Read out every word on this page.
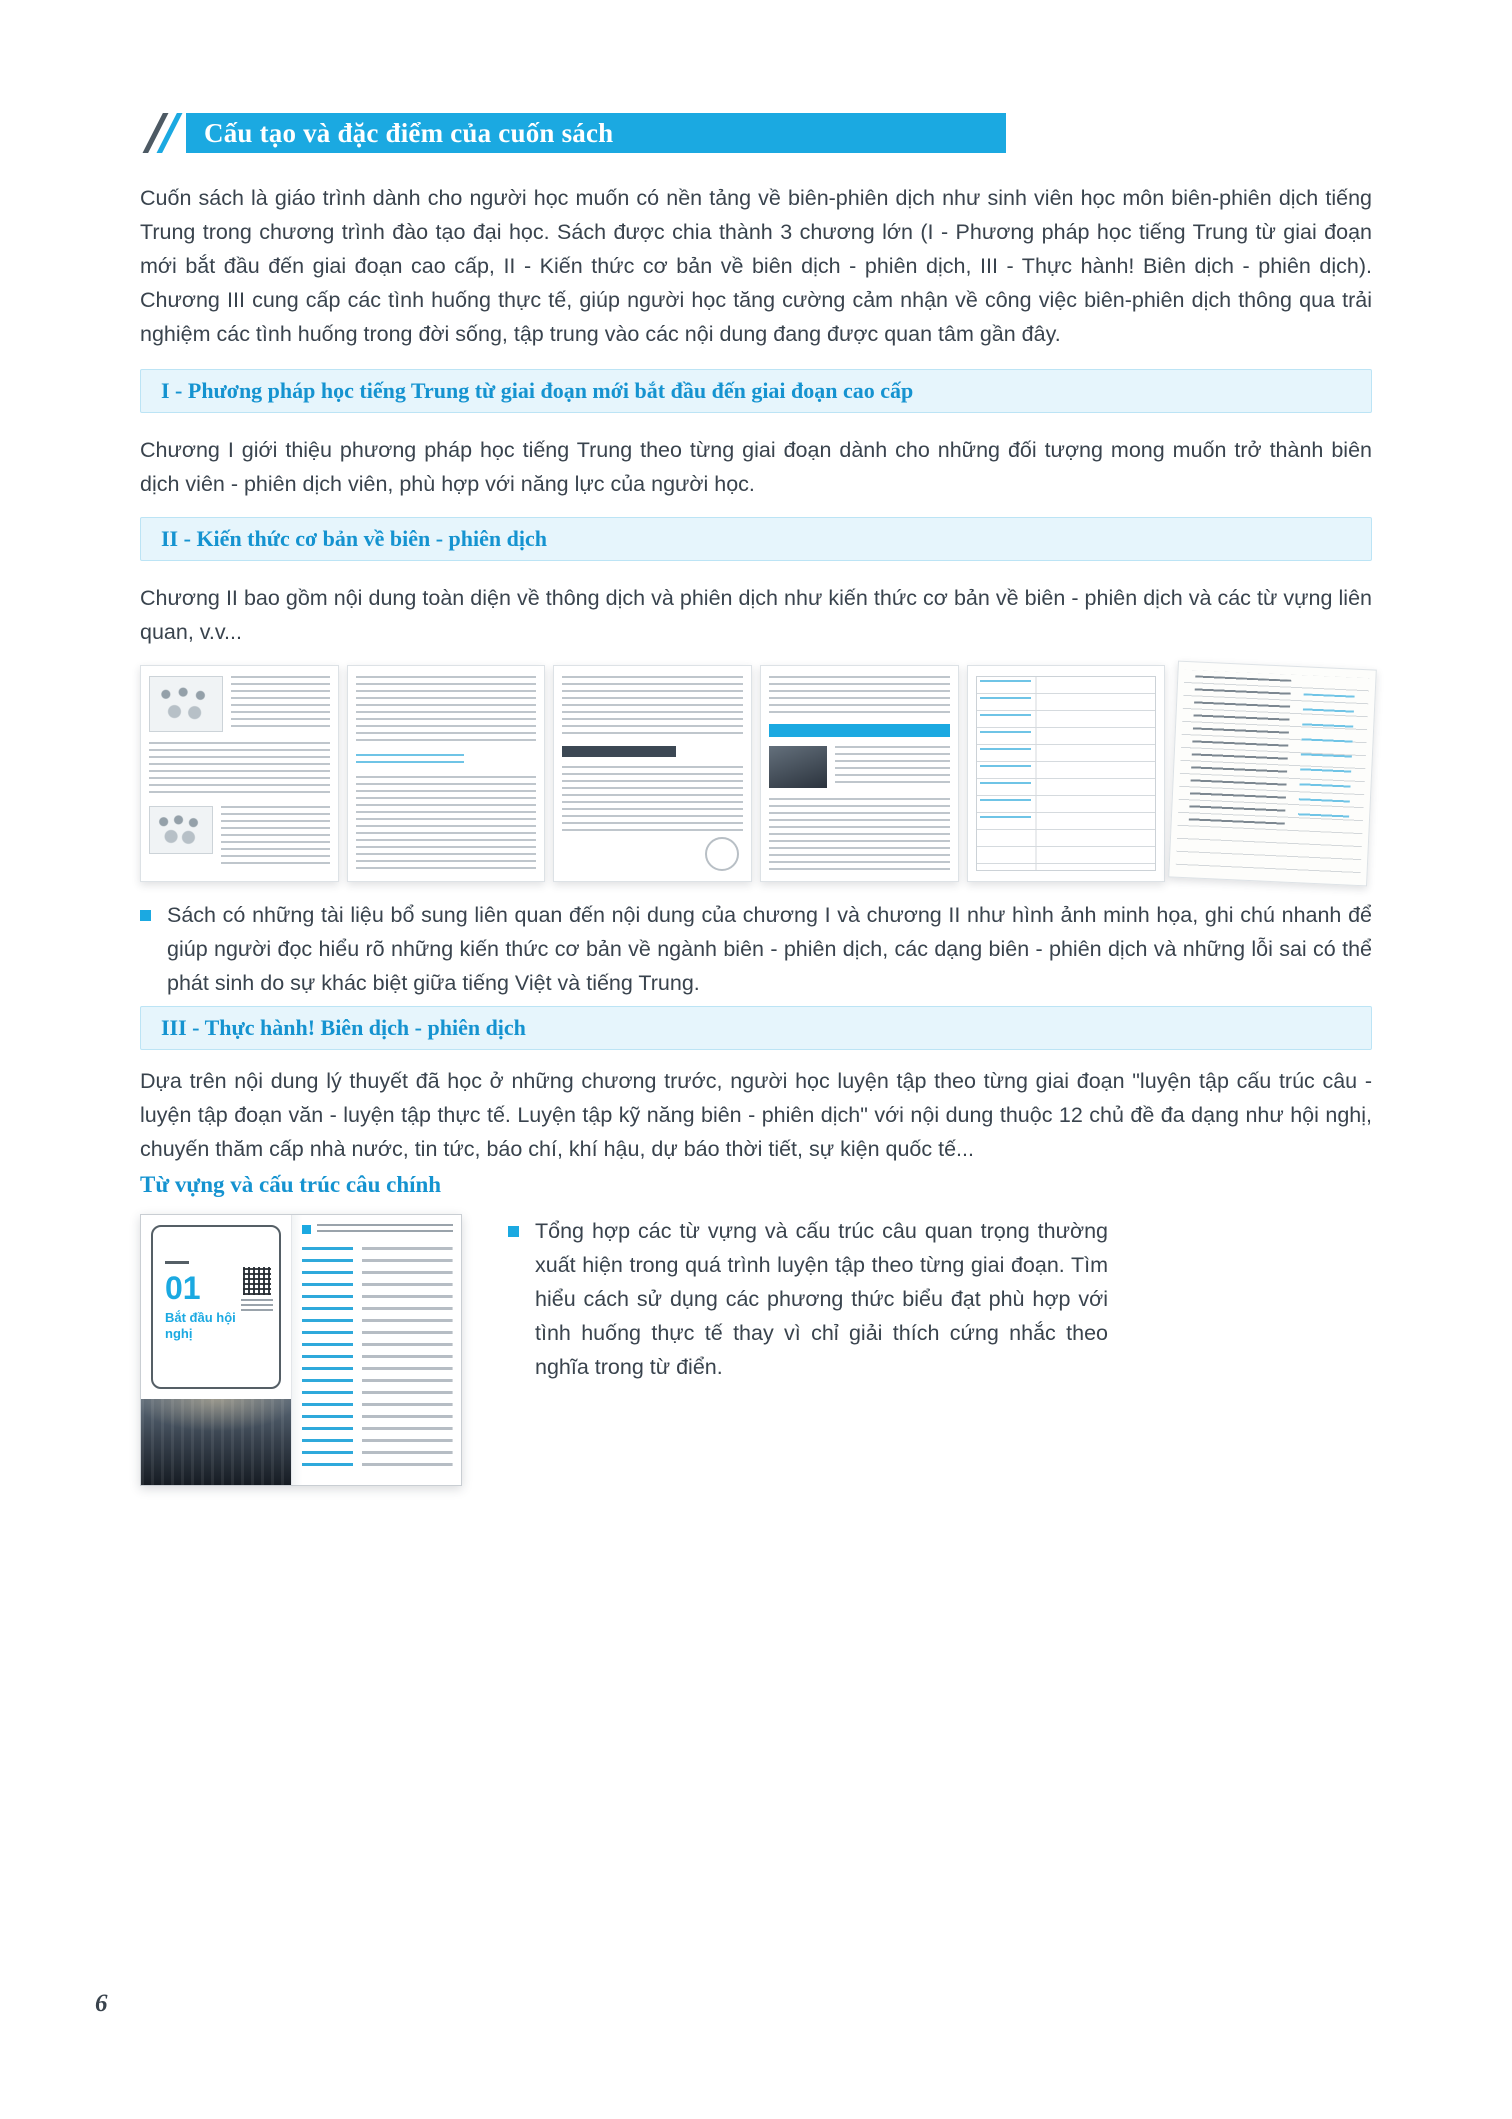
Cấu tạo và đặc điểm của cuốn sách

Cuốn sách là giáo trình dành cho người học muốn có nền tảng về biên-phiên dịch như sinh viên học môn biên-phiên dịch tiếng Trung trong chương trình đào tạo đại học. Sách được chia thành 3 chương lớn (I - Phương pháp học tiếng Trung từ giai đoạn mới bắt đầu đến giai đoạn cao cấp, II - Kiến thức cơ bản về biên dịch - phiên dịch, III - Thực hành! Biên dịch - phiên dịch). Chương III cung cấp các tình huống thực tế, giúp người học tăng cường cảm nhận về công việc biên-phiên dịch thông qua trải nghiệm các tình huống trong đời sống, tập trung vào các nội dung đang được quan tâm gần đây.

I - Phương pháp học tiếng Trung từ giai đoạn mới bắt đầu đến giai đoạn cao cấp

Chương I giới thiệu phương pháp học tiếng Trung theo từng giai đoạn dành cho những đối tượng mong muốn trở thành biên dịch viên - phiên dịch viên, phù hợp với năng lực của người học.

II - Kiến thức cơ bản về biên - phiên dịch

Chương II bao gồm nội dung toàn diện về thông dịch và phiên dịch như kiến thức cơ bản về biên - phiên dịch và các từ vựng liên quan, v.v...

Sách có những tài liệu bổ sung liên quan đến nội dung của chương I và chương II như hình ảnh minh họa, ghi chú nhanh để giúp người đọc hiểu rõ những kiến thức cơ bản về ngành biên - phiên dịch, các dạng biên - phiên dịch và những lỗi sai có thể phát sinh do sự khác biệt giữa tiếng Việt và tiếng Trung.

III - Thực hành! Biên dịch - phiên dịch

Dựa trên nội dung lý thuyết đã học ở những chương trước, người học luyện tập theo từng giai đoạn "luyện tập cấu trúc câu - luyện tập đoạn văn - luyện tập thực tế. Luyện tập kỹ năng biên - phiên dịch" với nội dung thuộc 12 chủ đề đa dạng như hội nghị, chuyến thăm cấp nhà nước, tin tức, báo chí, khí hậu, dự báo thời tiết, sự kiện quốc tế...

Từ vựng và cấu trúc câu chính
01
Bắt đầu hội nghị

Tổng hợp các từ vựng và cấu trúc câu quan trọng thường xuất hiện trong quá trình luyện tập theo từng giai đoạn. Tìm hiểu cách sử dụng các phương thức biểu đạt phù hợp với tình huống thực tế thay vì chỉ giải thích cứng nhắc theo nghĩa trong từ điển.

6
